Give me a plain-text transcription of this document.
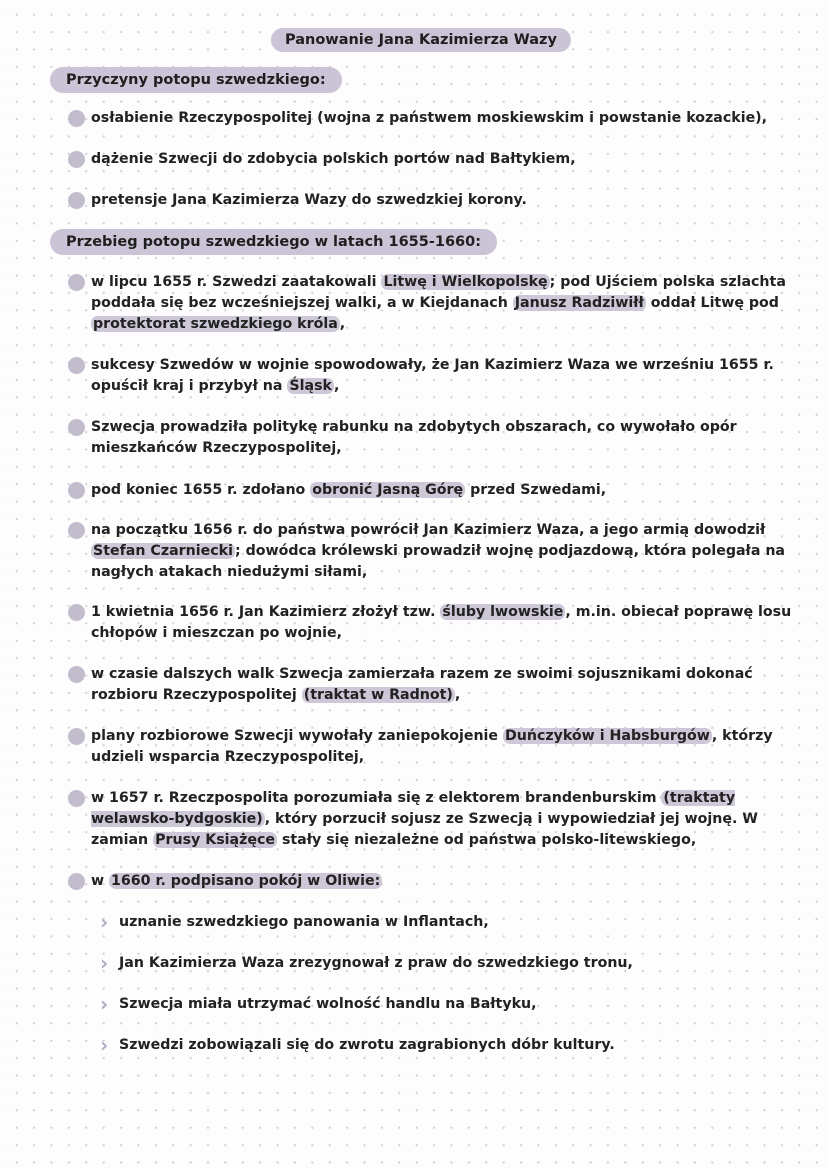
Panowanie Jana Kazimierza Wazy
Przyczyny potopu szwedzkiego:
osłabienie Rzeczypospolitej (wojna z państwem moskiewskim i powstanie kozackie),
dążenie Szwecji do zdobycia polskich portów nad Bałtykiem,
pretensje Jana Kazimierza Wazy do szwedzkiej korony.
Przebieg potopu szwedzkiego w latach 1655-1660:
w lipcu 1655 r. Szwedzi zaatakowali Litwę i Wielkopolskę ; pod Ujściem polska szlachta poddała się bez wcześniejszej walki, a w Kiejdanach Janusz Radziwiłł oddał Litwę pod protektorat szwedzkiego króla ,
sukcesy Szwedów w wojnie spowodowały, że Jan Kazimierz Waza we wrześniu 1655 r. opuścił kraj i przybył na Śląsk ,
Szwecja prowadziła politykę rabunku na zdobytych obszarach, co wywołało opór mieszkańców Rzeczypospolitej,
pod koniec 1655 r. zdołano obronić Jasną Górę przed Szwedami,
na początku 1656 r. do państwa powrócił Jan Kazimierz Waza, a jego armią dowodził Stefan Czarniecki ; dowódca królewski prowadził wojnę podjazdową, która polegała na nagłych atakach niedużymi siłami,
1 kwietnia 1656 r. Jan Kazimierz złożył tzw. śluby lwowskie , m.in. obiecał poprawę losu chłopów i mieszczan po wojnie,
w czasie dalszych walk Szwecja zamierzała razem ze swoimi sojusznikami dokonać rozbioru Rzeczypospolitej (traktat w Radnot) ,
plany rozbiorowe Szwecji wywołały zaniepokojenie Duńczyków i Habsburgów , którzy udzieli wsparcia Rzeczypospolitej,
w 1657 r. Rzeczpospolita porozumiała się z elektorem brandenburskim (traktaty welawsko-bydgoskie) , który porzucił sojusz ze Szwecją i wypowiedział jej wojnę. W zamian Prusy Książęce stały się niezależne od państwa polsko-litewskiego,
w 1660 r. podpisano pokój w Oliwie:
› uznanie szwedzkiego panowania w Inflantach,
› Jan Kazimierza Waza zrezygnował z praw do szwedzkiego tronu,
› Szwecja miała utrzymać wolność handlu na Bałtyku,
› Szwedzi zobowiązali się do zwrotu zagrabionych dóbr kultury.
